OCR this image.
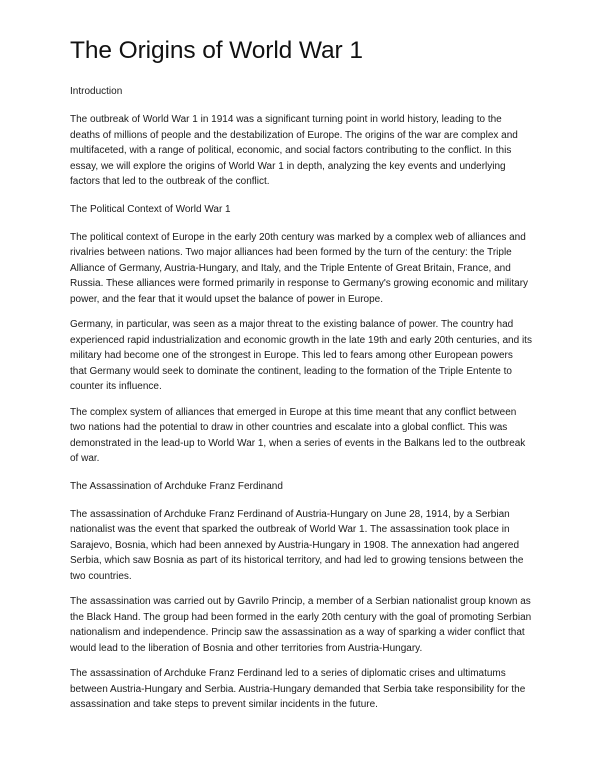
The Origins of World War 1
Introduction

The outbreak of World War 1 in 1914 was a significant turning point in world history, leading to the deaths of millions of people and the destabilization of Europe. The origins of the war are complex and multifaceted, with a range of political, economic, and social factors contributing to the conflict. In this essay, we will explore the origins of World War 1 in depth, analyzing the key events and underlying factors that led to the outbreak of the conflict.

The Political Context of World War 1

The political context of Europe in the early 20th century was marked by a complex web of alliances and rivalries between nations. Two major alliances had been formed by the turn of the century: the Triple Alliance of Germany, Austria-Hungary, and Italy, and the Triple Entente of Great Britain, France, and Russia. These alliances were formed primarily in response to Germany's growing economic and military power, and the fear that it would upset the balance of power in Europe.

Germany, in particular, was seen as a major threat to the existing balance of power. The country had experienced rapid industrialization and economic growth in the late 19th and early 20th centuries, and its military had become one of the strongest in Europe. This led to fears among other European powers that Germany would seek to dominate the continent, leading to the formation of the Triple Entente to counter its influence.

The complex system of alliances that emerged in Europe at this time meant that any conflict between two nations had the potential to draw in other countries and escalate into a global conflict. This was demonstrated in the lead-up to World War 1, when a series of events in the Balkans led to the outbreak of war.

The Assassination of Archduke Franz Ferdinand

The assassination of Archduke Franz Ferdinand of Austria-Hungary on June 28, 1914, by a Serbian nationalist was the event that sparked the outbreak of World War 1. The assassination took place in Sarajevo, Bosnia, which had been annexed by Austria-Hungary in 1908. The annexation had angered Serbia, which saw Bosnia as part of its historical territory, and had led to growing tensions between the two countries.

The assassination was carried out by Gavrilo Princip, a member of a Serbian nationalist group known as the Black Hand. The group had been formed in the early 20th century with the goal of promoting Serbian nationalism and independence. Princip saw the assassination as a way of sparking a wider conflict that would lead to the liberation of Bosnia and other territories from Austria-Hungary.

The assassination of Archduke Franz Ferdinand led to a series of diplomatic crises and ultimatums between Austria-Hungary and Serbia. Austria-Hungary demanded that Serbia take responsibility for the assassination and take steps to prevent similar incidents in the future.
